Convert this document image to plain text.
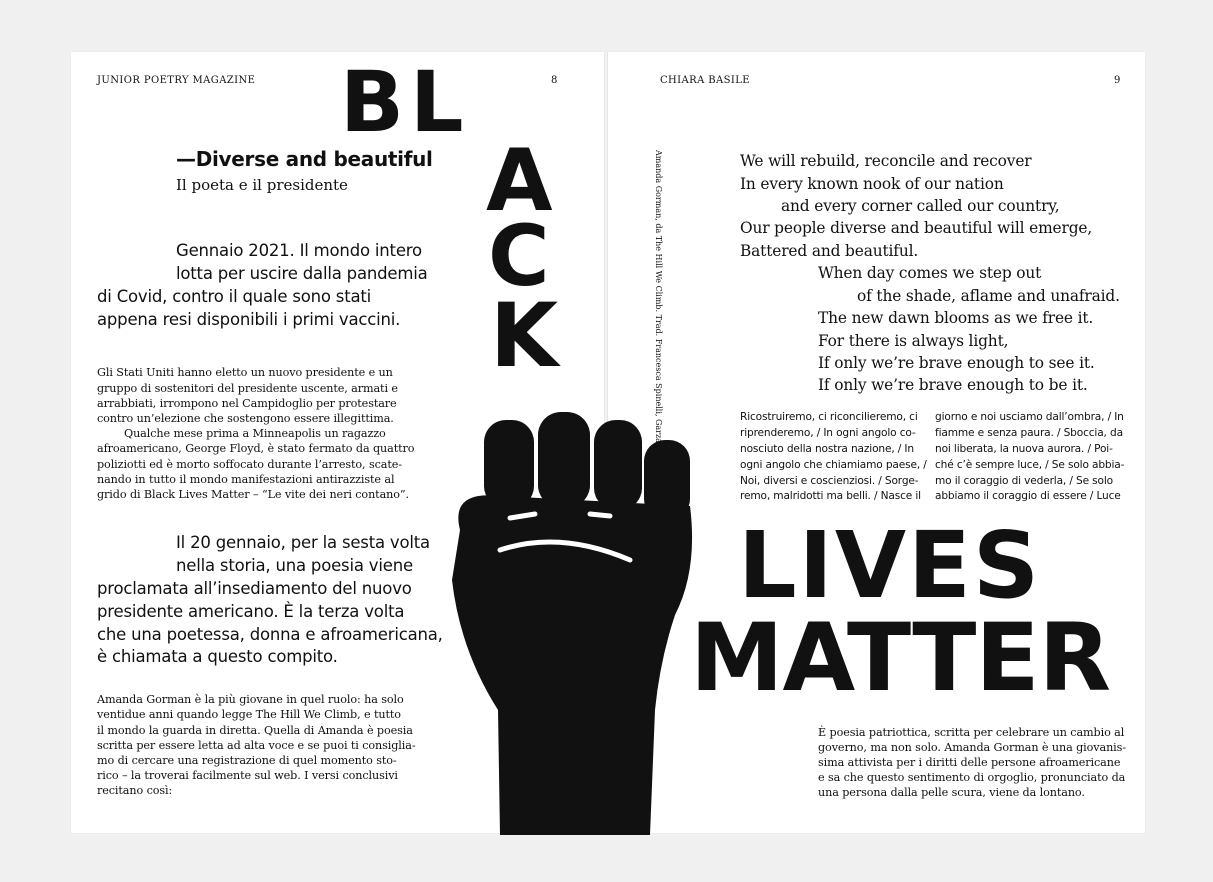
JUNIOR POETRY MAGAZINE	8	CHIARA BASILE	9
—Diverse and beautiful
Il poeta e il presidente
Gennaio 2021. Il mondo intero
lotta per uscire dalla pandemia
di Covid, contro il quale sono stati
appena resi disponibili i primi vaccini.
Gli Stati Uniti hanno eletto un nuovo presidente e un
gruppo di sostenitori del presidente uscente, armati e
arrabbiati, irrompono nel Campidoglio per protestare
contro un’elezione che sostengono essere illegittima.
Qualche mese prima a Minneapolis un ragazzo
afroamericano, George Floyd, è stato fermato da quattro
poliziotti ed è morto soffocato durante l’arresto, scate-
nando in tutto il mondo manifestazioni antirazziste al
grido di Black Lives Matter – “Le vite dei neri contano”.
Il 20 gennaio, per la sesta volta
nella storia, una poesia viene
proclamata all’insediamento del nuovo
presidente americano. È la terza volta
che una poetessa, donna e afroamericana,
è chiamata a questo compito.
Amanda Gorman è la più giovane in quel ruolo: ha solo
ventidue anni quando legge The Hill We Climb, e tutto
il mondo la guarda in diretta. Quella di Amanda è poesia
scritta per essere letta ad alta voce e se puoi ti consiglia-
mo di cercare una registrazione di quel momento sto-
rico – la troverai facilmente sul web. I versi conclusivi
recitano così:
BL
A
C
K	Amanda Gorman, da The Hill We Climb. Trad. Francesca Spinelli, Garzanti, 2021.	We will rebuild, reconcile and recover
In every known nook of our nation
and every corner called our country,
Our people diverse and beautiful will emerge,
Battered and beautiful.
When day comes we step out
of the shade, aflame and unafraid.
The new dawn blooms as we free it.
For there is always light,
If only we’re brave enough to see it.
If only we’re brave enough to be it.
Ricostruiremo, ci riconcilieremo, ci
riprenderemo, / In ogni angolo co-
nosciuto della nostra nazione, / In
ogni angolo che chiamiamo paese, /
Noi, diversi e coscienziosi. / Sorge-
remo, malridotti ma belli. / Nasce il
giorno e noi usciamo dall’ombra, / In
fiamme e senza paura. / Sboccia, da
noi liberata, la nuova aurora. / Poi-
ché c’è sempre luce, / Se solo abbia-
mo il coraggio di vederla, / Se solo
abbiamo il coraggio di essere / Luce
LIVES
MATTER
È poesia patriottica, scritta per celebrare un cambio al
governo, ma non solo. Amanda Gorman è una giovanis-
sima attivista per i diritti delle persone afroamericane
e sa che questo sentimento di orgoglio, pronunciato da
una persona dalla pelle scura, viene da lontano.
